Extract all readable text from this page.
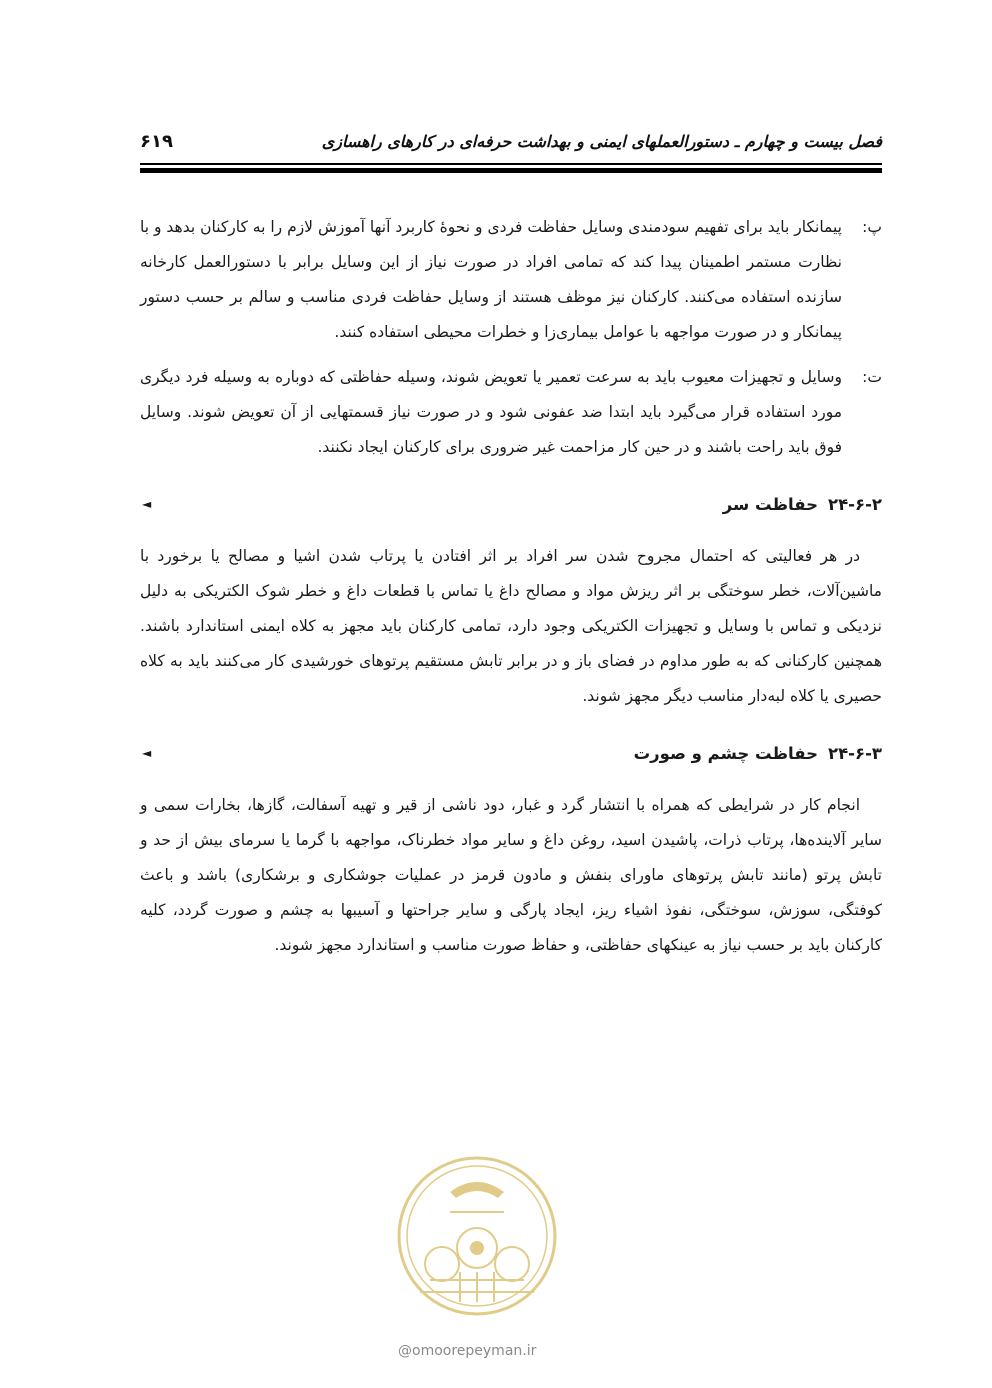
فصل بیست و چهارم ـ دستورالعملهای ایمنی و بهداشت حرفه‌ای در کارهای راهسازی
۶۱۹
پ:
پیمانکار باید برای تفهیم سودمندی وسایل حفاظت فردی و نحوهٔ کاربرد آنها آموزش لازم را به کارکنان بدهد و با نظارت مستمر اطمینان پیدا کند که تمامی افراد در صورت نیاز از این وسایل برابر با دستورالعمل کارخانه سازنده استفاده می‌کنند. کارکنان نیز موظف هستند از وسایل حفاظت فردی مناسب و سالم بر حسب دستور پیمانکار و در صورت مواجهه با عوامل بیماری‌زا و خطرات محیطی استفاده کنند.
ت:
وسایل و تجهیزات معیوب باید به سرعت تعمیر یا تعویض شوند، وسیله حفاظتی که دوباره به وسیله فرد دیگری مورد استفاده قرار می‌گیرد باید ابتدا ضد عفونی شود و در صورت نیاز قسمتهایی از آن تعویض شوند. وسایل فوق باید راحت باشند و در حین کار مزاحمت غیر ضروری برای کارکنان ایجاد نکنند.
۲۴-۶-۲
حفاظت سر
◄

در هر فعالیتی که احتمال مجروح شدن سر افراد بر اثر افتادن یا پرتاب شدن اشیا و مصالح یا برخورد با ماشین‌آلات، خطر سوختگی بر اثر ریزش مواد و مصالح داغ یا تماس با قطعات داغ و خطر شوک الکتریکی به دلیل نزدیکی و تماس با وسایل و تجهیزات الکتریکی وجود دارد، تمامی کارکنان باید مجهز به کلاه ایمنی استاندارد باشند. همچنین کارکنانی که به طور مداوم در فضای باز و در برابر تابش مستقیم پرتوهای خورشیدی کار می‌کنند باید به کلاه حصیری یا کلاه لبه‌دار مناسب دیگر مجهز شوند.

۲۴-۶-۳
حفاظت چشم و صورت
◄

انجام کار در شرایطی که همراه با انتشار گرد و غبار، دود ناشی از قیر و تهیه آسفالت، گازها، بخارات سمی و سایر آلاینده‌ها، پرتاب ذرات، پاشیدن اسید، روغن داغ و سایر مواد خطرناک، مواجهه با گرما یا سرمای بیش از حد و تابش پرتو (مانند تابش پرتوهای ماورای بنفش و مادون قرمز در عملیات جوشکاری و برشکاری) باشد و باعث کوفتگی، سوزش، سوختگی، نفوذ اشیاء ریز، ایجاد پارگی و سایر جراحتها و آسیبها به چشم و صورت گردد، کلیه کارکنان باید بر حسب نیاز به عینکهای حفاظتی، و حفاظ صورت مناسب و استاندارد مجهز شوند.

@omoorepeyman.ir
